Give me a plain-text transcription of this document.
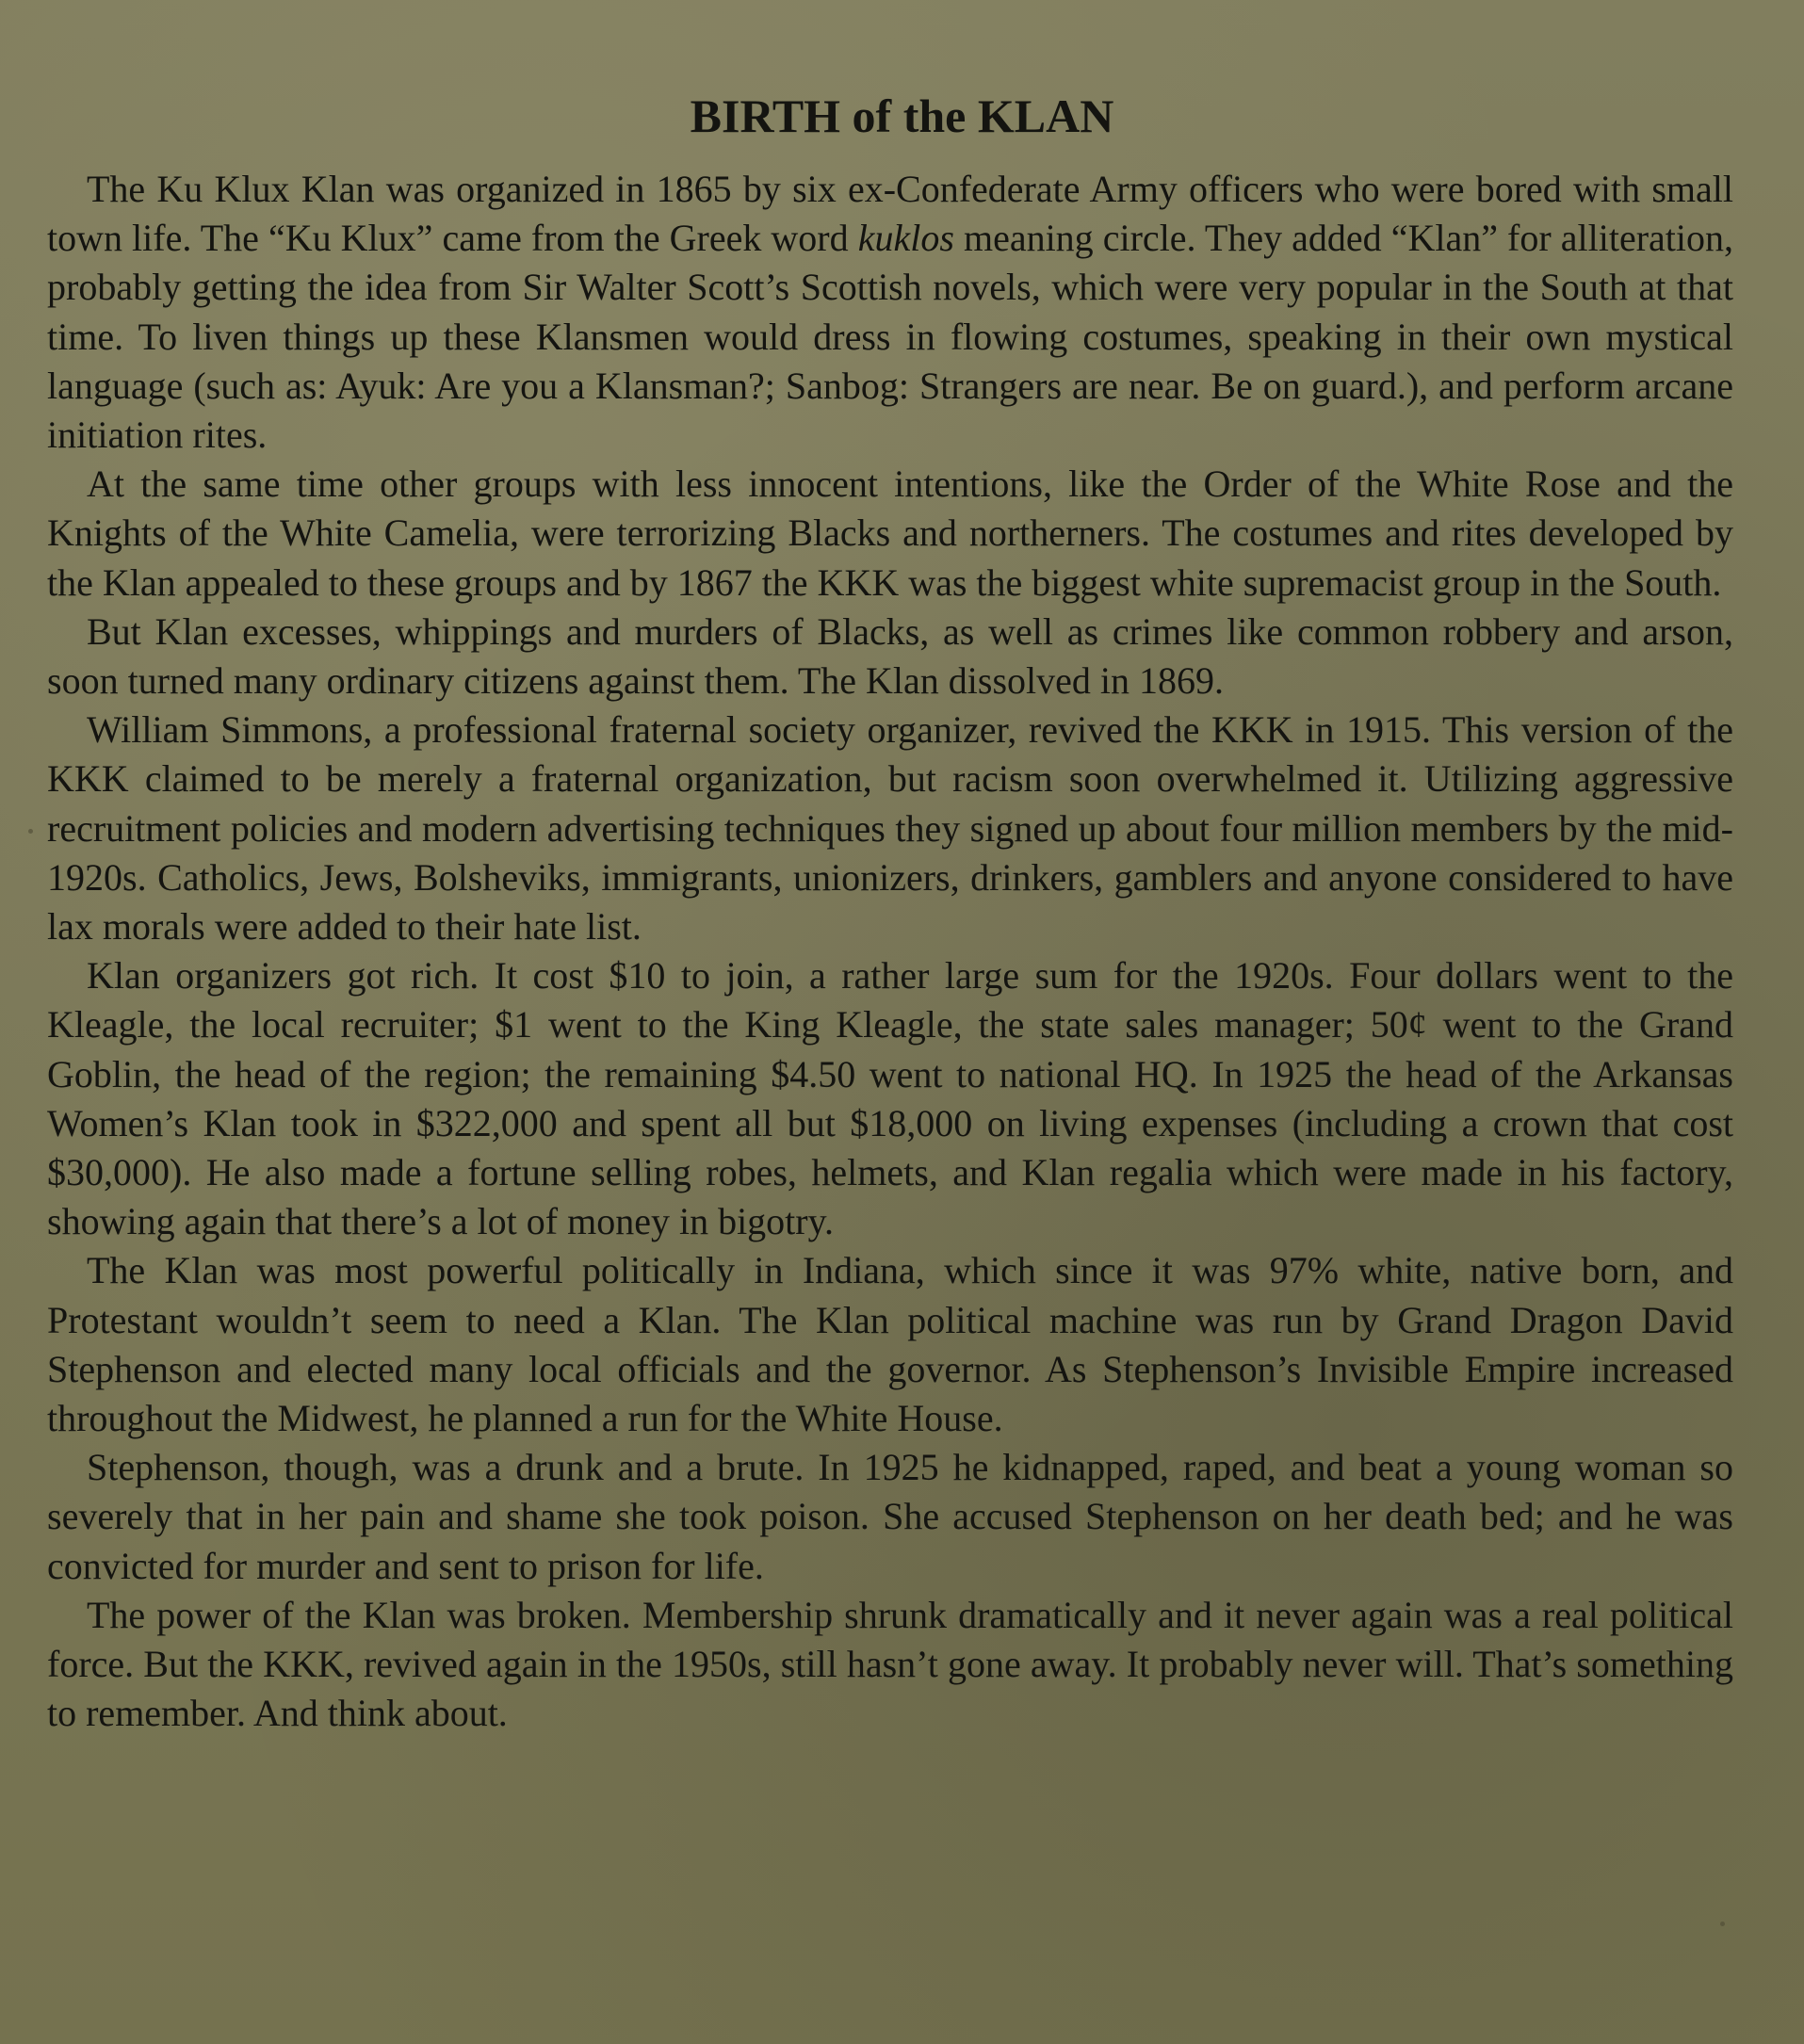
BIRTH of the KLAN

The Ku Klux Klan was organized in 1865 by six ex-Confederate Army officers who were bored with small town life. The “Ku Klux” came from the Greek word kuklos meaning circle. They added “Klan” for alliteration, probably getting the idea from Sir Walter Scott’s Scottish novels, which were very popular in the South at that time. To liven things up these Klansmen would dress in flowing costumes, speaking in their own mystical language (such as: Ayuk: Are you a Klansman?; Sanbog: Strangers are near. Be on guard.), and perform arcane initiation rites.

At the same time other groups with less innocent intentions, like the Order of the White Rose and the Knights of the White Camelia, were terrorizing Blacks and northerners. The costumes and rites developed by the Klan appealed to these groups and by 1867 the KKK was the biggest white supremacist group in the South.

But Klan excesses, whippings and murders of Blacks, as well as crimes like common robbery and arson, soon turned many ordinary citizens against them. The Klan dissolved in 1869.

William Simmons, a professional fraternal society organizer, revived the KKK in 1915. This version of the KKK claimed to be merely a fraternal organization, but racism soon overwhelmed it. Utilizing aggressive recruitment policies and modern advertising techniques they signed up about four million members by the mid-1920s. Catholics, Jews, Bolsheviks, immigrants, unionizers, drinkers, gamblers and anyone considered to have lax morals were added to their hate list.

Klan organizers got rich. It cost $10 to join, a rather large sum for the 1920s. Four dollars went to the Kleagle, the local recruiter; $1 went to the King Kleagle, the state sales manager; 50¢ went to the Grand Goblin, the head of the region; the remaining $4.50 went to national HQ. In 1925 the head of the Arkansas Women’s Klan took in $322,000 and spent all but $18,000 on living expenses (including a crown that cost $30,000). He also made a fortune selling robes, helmets, and Klan regalia which were made in his factory, showing again that there’s a lot of money in bigotry.

The Klan was most powerful politically in Indiana, which since it was 97% white, native born, and Protestant wouldn’t seem to need a Klan. The Klan political machine was run by Grand Dragon David Stephenson and elected many local officials and the governor. As Stephenson’s Invisible Empire increased throughout the Midwest, he planned a run for the White House.

Stephenson, though, was a drunk and a brute. In 1925 he kidnapped, raped, and beat a young woman so severely that in her pain and shame she took poison. She accused Stephenson on her death bed; and he was convicted for murder and sent to prison for life.

The power of the Klan was broken. Membership shrunk dramatically and it never again was a real political force. But the KKK, revived again in the 1950s, still hasn’t gone away. It probably never will. That’s something to remember. And think about.
